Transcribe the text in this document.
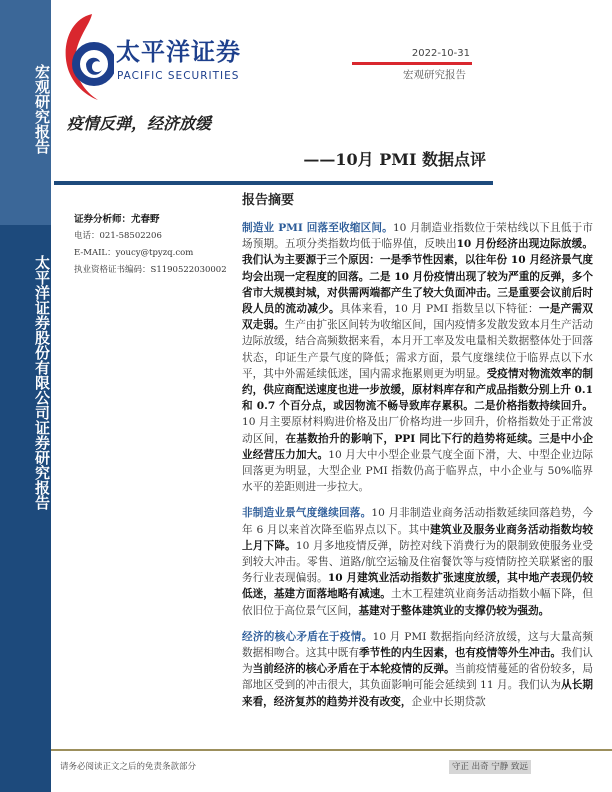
宏观研究报告
太平洋证券股份有限公司证券研究报告
太平洋证券
PACIFIC SECURITIES
2022-10-31
宏观研究报告
疫情反弹，经济放缓
——10月 PMI 数据点评
报告摘要
证券分析师：尤春野
电话：021-58502206
E-MAIL：youcy@tpyzq.com
执业资格证书编码：S1190522030002

制造业 PMI 回落至收缩区间。10 月制造业指数位于荣枯线以下且低于市场预期。五项分类指数均低于临界值，反映出10 月份经济出现边际放缓。我们认为主要源于三个原因：一是季节性因素，以往年份 10 月经济景气度均会出现一定程度的回落。二是 10 月份疫情出现了较为严重的反弹，多个省市大规模封城，对供需两端都产生了较大负面冲击。三是重要会议前后时段人员的流动减少。具体来看，10 月 PMI 指数呈以下特征：一是产需双双走弱。生产由扩张区间转为收缩区间，国内疫情多发散发致本月生产活动边际放缓，结合高频数据来看，本月开工率及发电量相关数据整体处于回落状态，印证生产景气度的降低；需求方面，景气度继续位于临界点以下水平，其中外需延续低迷，国内需求拖累则更为明显。受疫情对物流效率的制约，供应商配送速度也进一步放缓，原材料库存和产成品指数分别上升 0.1 和 0.7 个百分点，或因物流不畅导致库存累积。二是价格指数持续回升。10 月主要原材料购进价格及出厂价格均进一步回升，价格指数处于正常波动区间，在基数抬升的影响下，PPI 同比下行的趋势将延续。三是中小企业经营压力加大。10 月大中小型企业景气度全面下滑，大、中型企业边际回落更为明显，大型企业 PMI 指数仍高于临界点，中小企业与 50%临界水平的差距则进一步拉大。

非制造业景气度继续回落。10 月非制造业商务活动指数延续回落趋势，今年 6 月以来首次降至临界点以下。其中建筑业及服务业商务活动指数均较上月下降。10 月多地疫情反弹，防控对线下消费行为的限制致使服务业受到较大冲击。零售、道路/航空运输及住宿餐饮等与疫情防控关联紧密的服务行业表现偏弱。10 月建筑业活动指数扩张速度放缓，其中地产表现仍较低迷，基建方面落地略有减速。土木工程建筑业商务活动指数小幅下降，但依旧位于高位景气区间，基建对于整体建筑业的支撑仍较为强劲。

经济的核心矛盾在于疫情。10 月 PMI 数据指向经济放缓，这与大量高频数据相吻合。这其中既有季节性的内生因素，也有疫情等外生冲击。我们认为当前经济的核心矛盾在于本轮疫情的反弹。当前疫情蔓延的省份较多，局部地区受到的冲击很大，其负面影响可能会延续到 11 月。我们认为从长期来看，经济复苏的趋势并没有改变，企业中长期贷款

请务必阅读正文之后的免责条款部分	守正 出奇 宁静 致远
